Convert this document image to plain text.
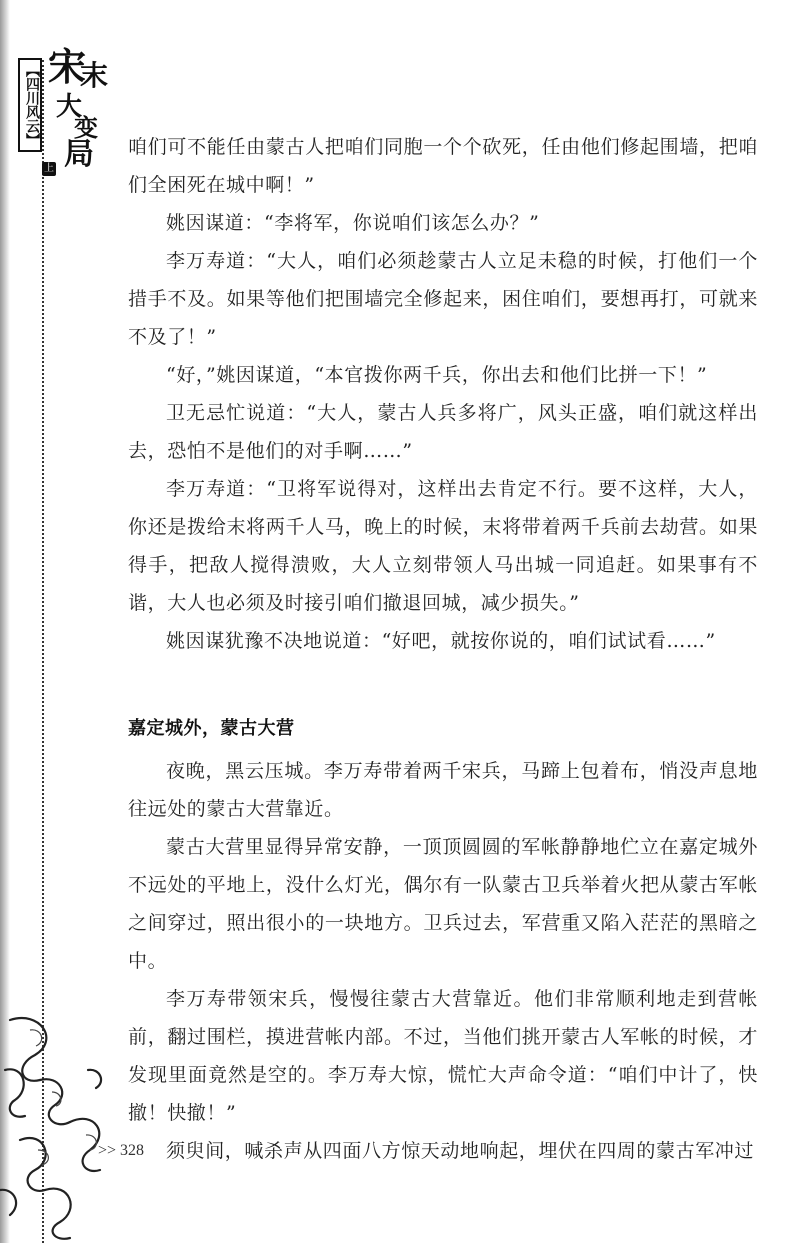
【四川风云】
宋
末
大
变
局
上

咱们可不能任由蒙古人把咱们同胞一个个砍死，任由他们修起围墙，把咱们全困死在城中啊！”

姚因谋道：“李将军，你说咱们该怎么办？”

李万寿道：“大人，咱们必须趁蒙古人立足未稳的时候，打他们一个措手不及。如果等他们把围墙完全修起来，困住咱们，要想再打，可就来不及了！”

“好，”姚因谋道，“本官拨你两千兵，你出去和他们比拼一下！”

卫无忌忙说道：“大人，蒙古人兵多将广，风头正盛，咱们就这样出去，恐怕不是他们的对手啊……”

李万寿道：“卫将军说得对，这样出去肯定不行。要不这样，大人，你还是拨给末将两千人马，晚上的时候，末将带着两千兵前去劫营。如果得手，把敌人搅得溃败，大人立刻带领人马出城一同追赶。如果事有不谐，大人也必须及时接引咱们撤退回城，减少损失。”

姚因谋犹豫不决地说道：“好吧，就按你说的，咱们试试看……”

嘉定城外，蒙古大营

夜晚，黑云压城。李万寿带着两千宋兵，马蹄上包着布，悄没声息地往远处的蒙古大营靠近。

蒙古大营里显得异常安静，一顶顶圆圆的军帐静静地伫立在嘉定城外不远处的平地上，没什么灯光，偶尔有一队蒙古卫兵举着火把从蒙古军帐之间穿过，照出很小的一块地方。卫兵过去，军营重又陷入茫茫的黑暗之中。

李万寿带领宋兵，慢慢往蒙古大营靠近。他们非常顺利地走到营帐前，翻过围栏，摸进营帐内部。不过，当他们挑开蒙古人军帐的时候，才发现里面竟然是空的。李万寿大惊，慌忙大声命令道：“咱们中计了，快撤！快撤！”

须臾间，喊杀声从四面八方惊天动地响起，埋伏在四周的蒙古军冲过

>> 328
